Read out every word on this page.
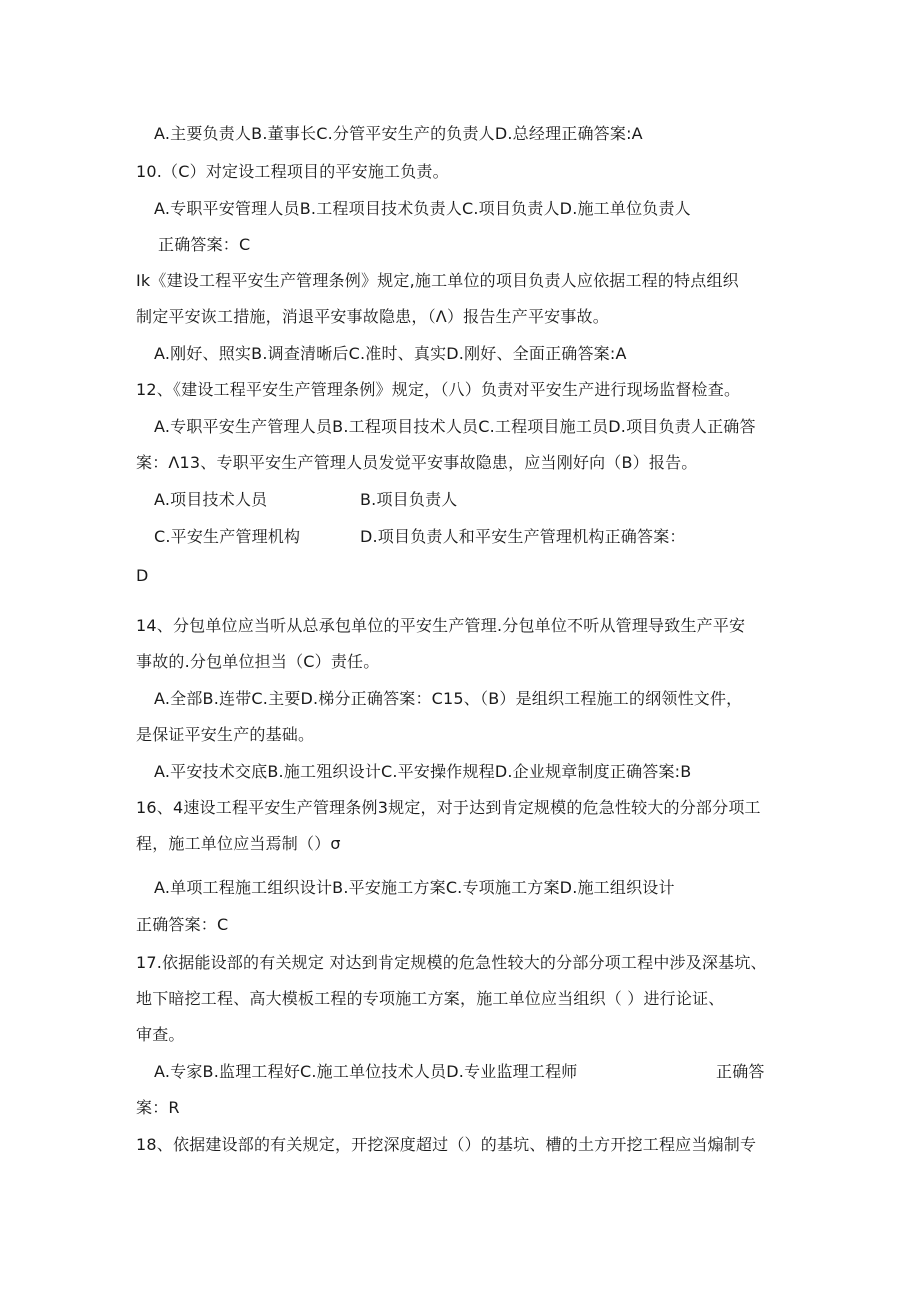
A.主要负责人B.董事长C.分管平安生产的负责人D.总经理正确答案:A
10.（C）对定设工程项目的平安施工负责。
A.专职平安管理人员B.工程项目技术负责人C.项目负责人D.施工单位负责人
正确答案：C
Ik《建设工程平安生产管理条例》规定,施工单位的项目负责人应依据工程的特点组织
制定平安诙工措施，消退平安事故隐患，（Λ）报告生产平安事故。
A.刚好、照实B.调查清晰后C.准时、真实D.刚好、全面正确答案:A
12、《建设工程平安生产管理条例》规定，（八）负责对平安生产进行现场监督检查。
A.专职平安生产管理人员B.工程项目技术人员C.工程项目施工员D.项目负责人正确答
案：Λ13、专职平安生产管理人员发觉平安事故隐患，应当刚好向（B）报告。
A.项目技术人员	B.项目负责人
C.平安生产管理机构	D.项目负责人和平安生产管理机构正确答案：
D
14、分包单位应当听从总承包单位的平安生产管理.分包单位不听从管理导致生产平安
事故的.分包单位担当（C）责任。
A.全部B.连带C.主要D.梯分正确答案：C15、（B）是组织工程施工的纲领性文件，
是保证平安生产的基础。
A.平安技术交底B.施工殂织设计C.平安操作规程D.企业规章制度正确答案:B
16、4速设工程平安生产管理条例3规定，对于达到肯定规模的危急性较大的分部分项工
程，施工单位应当焉制（）σ
A.单项工程施工组织设计B.平安施工方案C.专项施工方案D.施工组织设计
正确答案：C
17.依据能设部的有关规定 对达到肯定规模的危急性较大的分部分项工程中涉及深基坑、
地下暗挖工程、高大模板工程的专项施工方案，施工单位应当组织（ ）进行论证、
审查。
A.专家B.监理工程好C.施工单位技术人员D.专业监理工程师	正确答
案：R
18、依据建设部的有关规定，开挖深度超过（）的基坑、槽的土方开挖工程应当煽制专
